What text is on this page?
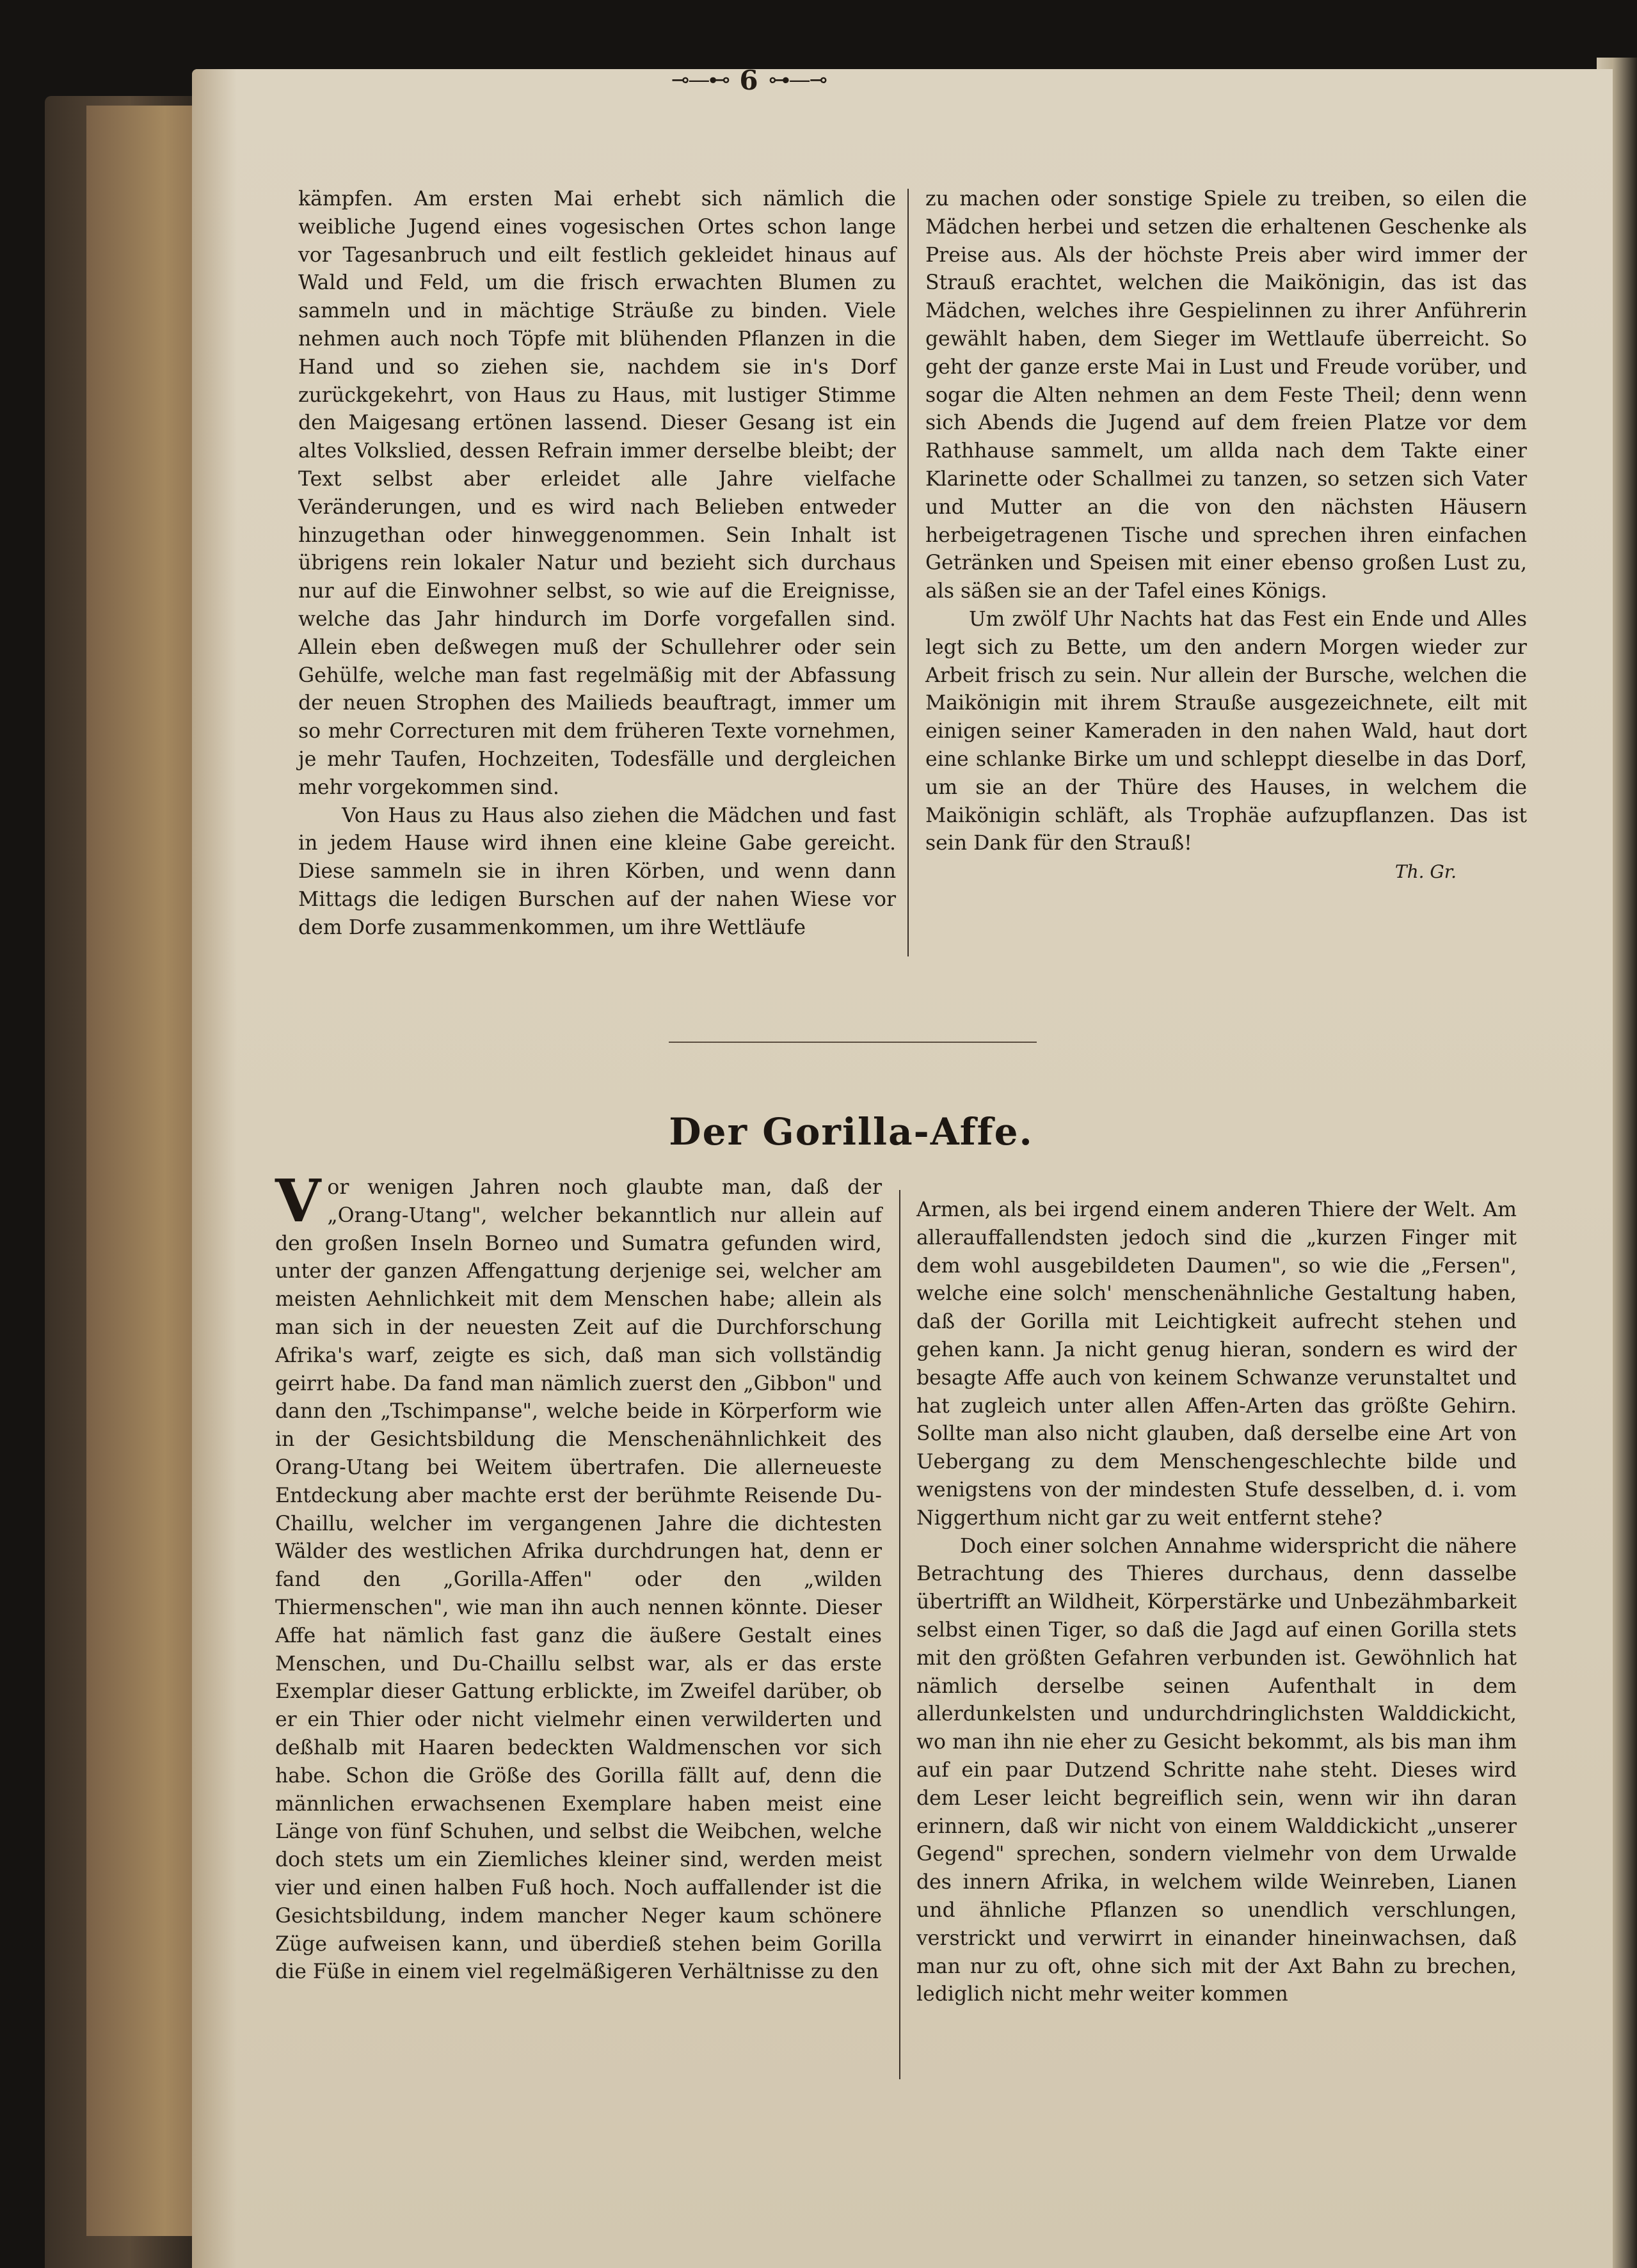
⊸—⊷ 6 ⊶—⊸

kämpfen. Am ersten Mai erhebt sich nämlich die weibliche Jugend eines vogesischen Ortes schon lange vor Tagesanbruch und eilt festlich gekleidet hinaus auf Wald und Feld, um die frisch erwachten Blumen zu sammeln und in mächtige Sträuße zu binden. Viele nehmen auch noch Töpfe mit blühenden Pflanzen in die Hand und so ziehen sie, nachdem sie in's Dorf zurückgekehrt, von Haus zu Haus, mit lustiger Stimme den Maigesang ertönen lassend. Dieser Gesang ist ein altes Volkslied, dessen Refrain immer derselbe bleibt; der Text selbst aber erleidet alle Jahre vielfache Veränderungen, und es wird nach Belieben entweder hinzugethan oder hinweggenommen. Sein Inhalt ist übrigens rein lokaler Natur und bezieht sich durchaus nur auf die Einwohner selbst, so wie auf die Ereignisse, welche das Jahr hindurch im Dorfe vorgefallen sind. Allein eben deßwegen muß der Schullehrer oder sein Gehülfe, welche man fast regelmäßig mit der Abfassung der neuen Strophen des Mailieds beauftragt, immer um so mehr Correcturen mit dem früheren Texte vornehmen, je mehr Taufen, Hochzeiten, Todesfälle und dergleichen mehr vorgekommen sind.

Von Haus zu Haus also ziehen die Mädchen und fast in jedem Hause wird ihnen eine kleine Gabe gereicht. Diese sammeln sie in ihren Körben, und wenn dann Mittags die ledigen Burschen auf der nahen Wiese vor dem Dorfe zusammenkommen, um ihre Wettläufe

zu machen oder sonstige Spiele zu treiben, so eilen die Mädchen herbei und setzen die erhaltenen Geschenke als Preise aus. Als der höchste Preis aber wird immer der Strauß erachtet, welchen die Maikönigin, das ist das Mädchen, welches ihre Gespielinnen zu ihrer Anführerin gewählt haben, dem Sieger im Wettlaufe überreicht. So geht der ganze erste Mai in Lust und Freude vorüber, und sogar die Alten nehmen an dem Feste Theil; denn wenn sich Abends die Jugend auf dem freien Platze vor dem Rathhause sammelt, um allda nach dem Takte einer Klarinette oder Schallmei zu tanzen, so setzen sich Vater und Mutter an die von den nächsten Häusern herbeigetragenen Tische und sprechen ihren einfachen Getränken und Speisen mit einer ebenso großen Lust zu, als säßen sie an der Tafel eines Königs.

Um zwölf Uhr Nachts hat das Fest ein Ende und Alles legt sich zu Bette, um den andern Morgen wieder zur Arbeit frisch zu sein. Nur allein der Bursche, welchen die Maikönigin mit ihrem Strauße ausgezeichnete, eilt mit einigen seiner Kameraden in den nahen Wald, haut dort eine schlanke Birke um und schleppt dieselbe in das Dorf, um sie an der Thüre des Hauses, in welchem die Maikönigin schläft, als Trophäe aufzupflanzen. Das ist sein Dank für den Strauß!

Th. Gr.

Der Gorilla-Affe.

Vor wenigen Jahren noch glaubte man, daß der „Orang-Utang", welcher bekanntlich nur allein auf den großen Inseln Borneo und Sumatra gefunden wird, unter der ganzen Affengattung derjenige sei, welcher am meisten Aehnlichkeit mit dem Menschen habe; allein als man sich in der neuesten Zeit auf die Durchforschung Afrika's warf, zeigte es sich, daß man sich vollständig geirrt habe. Da fand man nämlich zuerst den „Gibbon" und dann den „Tschimpanse", welche beide in Körperform wie in der Gesichtsbildung die Menschenähnlichkeit des Orang-Utang bei Weitem übertrafen. Die allerneueste Entdeckung aber machte erst der berühmte Reisende Du-Chaillu, welcher im vergangenen Jahre die dichtesten Wälder des westlichen Afrika durchdrungen hat, denn er fand den „Gorilla-Affen" oder den „wilden Thiermenschen", wie man ihn auch nennen könnte. Dieser Affe hat nämlich fast ganz die äußere Gestalt eines Menschen, und Du-Chaillu selbst war, als er das erste Exemplar dieser Gattung erblickte, im Zweifel darüber, ob er ein Thier oder nicht vielmehr einen verwilderten und deßhalb mit Haaren bedeckten Waldmenschen vor sich habe. Schon die Größe des Gorilla fällt auf, denn die männlichen erwachsenen Exemplare haben meist eine Länge von fünf Schuhen, und selbst die Weibchen, welche doch stets um ein Ziemliches kleiner sind, werden meist vier und einen halben Fuß hoch. Noch auffallender ist die Gesichtsbildung, indem mancher Neger kaum schönere Züge aufweisen kann, und überdieß stehen beim Gorilla die Füße in einem viel regelmäßigeren Verhältnisse zu den

Armen, als bei irgend einem anderen Thiere der Welt. Am allerauffallendsten jedoch sind die „kurzen Finger mit dem wohl ausgebildeten Daumen", so wie die „Fersen", welche eine solch' menschenähnliche Gestaltung haben, daß der Gorilla mit Leichtigkeit aufrecht stehen und gehen kann. Ja nicht genug hieran, sondern es wird der besagte Affe auch von keinem Schwanze verunstaltet und hat zugleich unter allen Affen-Arten das größte Gehirn. Sollte man also nicht glauben, daß derselbe eine Art von Uebergang zu dem Menschengeschlechte bilde und wenigstens von der mindesten Stufe desselben, d. i. vom Niggerthum nicht gar zu weit entfernt stehe?

Doch einer solchen Annahme widerspricht die nähere Betrachtung des Thieres durchaus, denn dasselbe übertrifft an Wildheit, Körperstärke und Unbezähmbarkeit selbst einen Tiger, so daß die Jagd auf einen Gorilla stets mit den größten Gefahren verbunden ist. Gewöhnlich hat nämlich derselbe seinen Aufenthalt in dem allerdunkelsten und undurchdringlichsten Walddickicht, wo man ihn nie eher zu Gesicht bekommt, als bis man ihm auf ein paar Dutzend Schritte nahe steht. Dieses wird dem Leser leicht begreiflich sein, wenn wir ihn daran erinnern, daß wir nicht von einem Walddickicht „unserer Gegend" sprechen, sondern vielmehr von dem Urwalde des innern Afrika, in welchem wilde Weinreben, Lianen und ähnliche Pflanzen so unendlich verschlungen, verstrickt und verwirrt in einander hineinwachsen, daß man nur zu oft, ohne sich mit der Axt Bahn zu brechen, lediglich nicht mehr weiter kommen
